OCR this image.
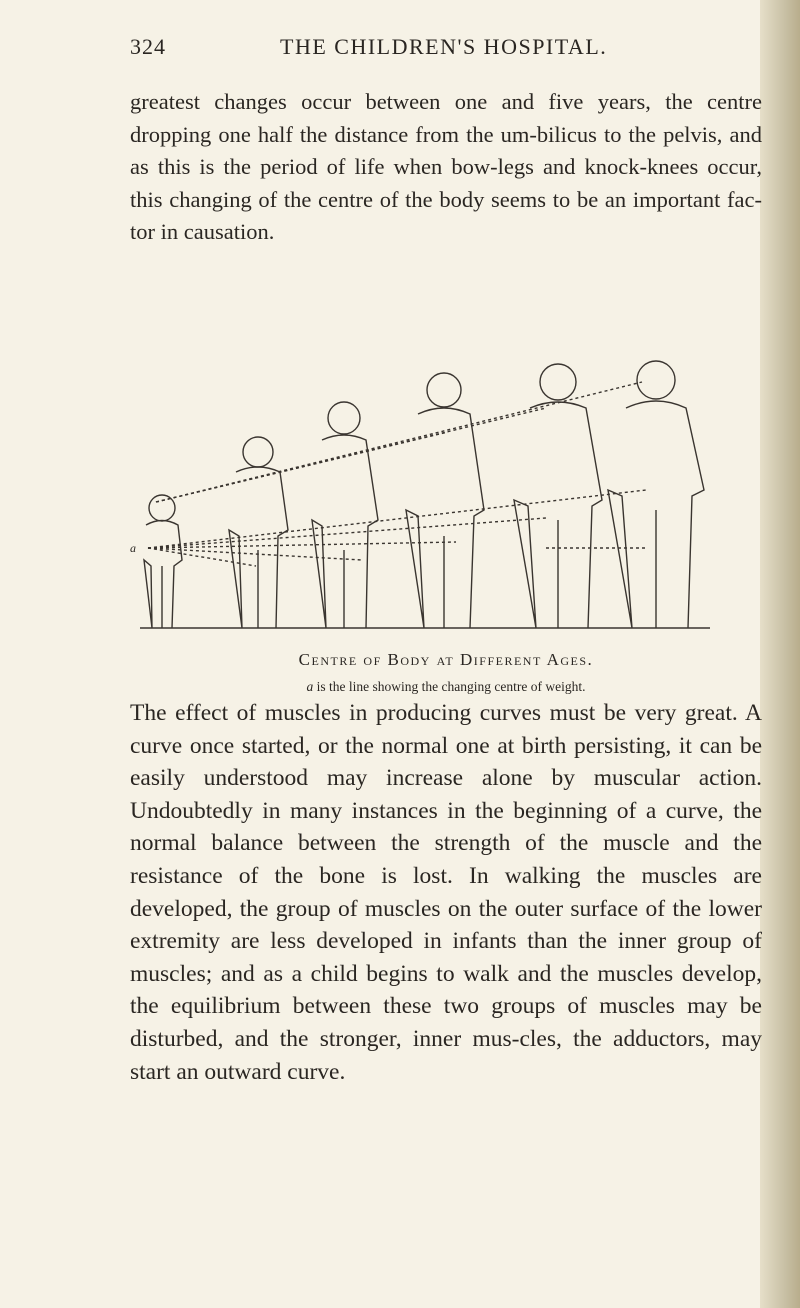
324	THE CHILDREN'S HOSPITAL.
greatest changes occur between one and five years, the centre dropping one half the distance from the um-bilicus to the pelvis, and as this is the period of life when bow-legs and knock-knees occur, this changing of the centre of the body seems to be an important fac-tor in causation.
a
Centre of Body at Different Ages.
a is the line showing the changing centre of weight.
The effect of muscles in producing curves must be very great. A curve once started, or the normal one at birth persisting, it can be easily understood may increase alone by muscular action. Undoubtedly in many instances in the beginning of a curve, the normal balance between the strength of the muscle and the resistance of the bone is lost. In walking the muscles are developed, the group of muscles on the outer surface of the lower extremity are less developed in infants than the inner group of muscles; and as a child begins to walk and the muscles develop, the equilibrium between these two groups of muscles may be disturbed, and the stronger, inner mus-cles, the adductors, may start an outward curve.
